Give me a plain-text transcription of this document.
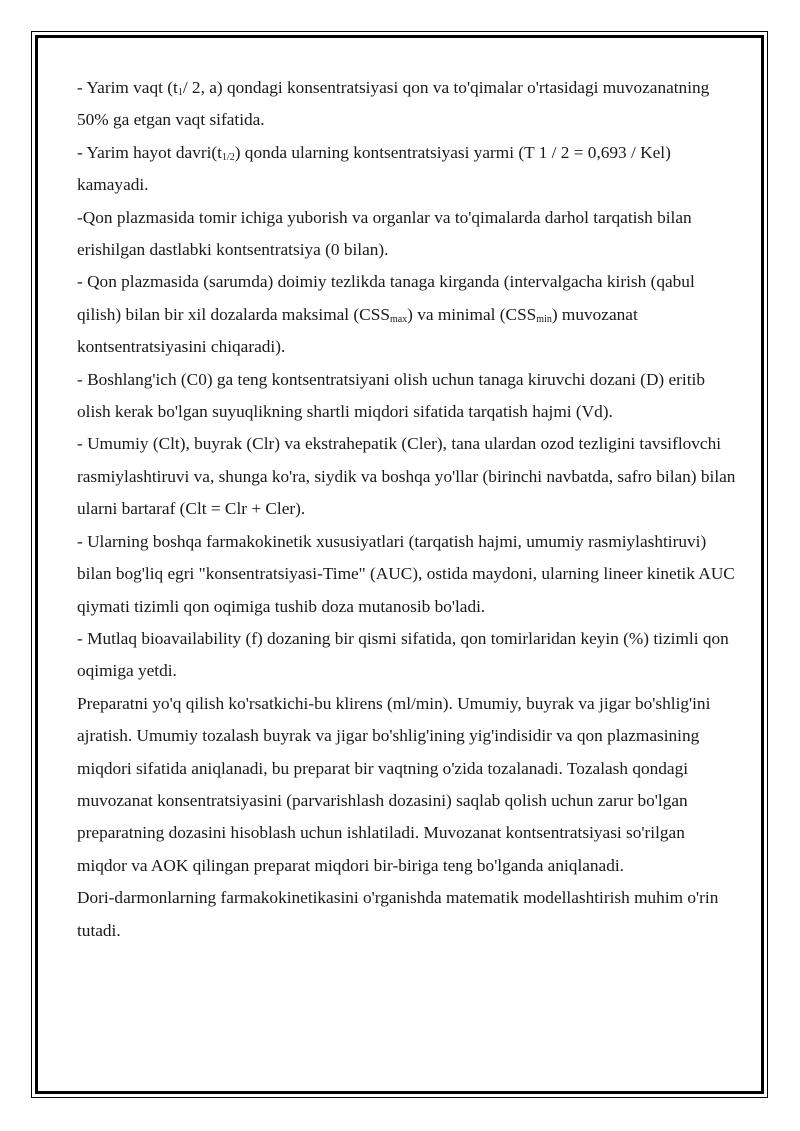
- Yarim vaqt ($t_1/$ 2, a) qondagi konsentratsiyasi qon va to'qimalar o'rtasidagi muvozanatning 50% ga etgan vaqt sifatida.

- Yarim hayot $davri(t_{1/2})$ qonda ularning kontsentratsiyasi yarmi (T 1 / 2 = 0,693 / Kel) kamayadi.

-Qon plazmasida tomir ichiga yuborish va organlar va to'qimalarda darhol tarqatish bilan erishilgan dastlabki kontsentratsiya (0 bilan).

- Qon plazmasida (sarumda) doimiy tezlikda tanaga kirganda (intervalgacha kirish (qabul qilish) bilan bir xil dozalarda maksimal $(CSS_{max})$ va minimal $(CSS_{min})$ muvozanat kontsentratsiyasini chiqaradi).

- Boshlang'ich (C0) ga teng kontsentratsiyani olish uchun tanaga kiruvchi dozani (D) eritib olish kerak bo'lgan suyuqlikning shartli miqdori sifatida tarqatish hajmi (Vd).

- Umumiy (Clt), buyrak (Clr) va ekstrahepatik (Cler), tana ulardan ozod tezligini tavsiflovchi rasmiylashtiruvi va, shunga ko'ra, siydik va boshqa yo'llar (birinchi navbatda, safro bilan) bilan ularni bartaraf (Clt = Clr + Cler).

- Ularning boshqa farmakokinetik xususiyatlari (tarqatish hajmi, umumiy rasmiylashtiruvi) bilan bog'liq egri "konsentratsiyasi-Time" (AUC), ostida maydoni, ularning lineer kinetik AUC qiymati tizimli qon oqimiga tushib doza mutanosib bo'ladi.

- Mutlaq bioavailability (f) dozaning bir qismi sifatida, qon tomirlaridan keyin (%) tizimli qon oqimiga yetdi.

Preparatni yo'q qilish ko'rsatkichi-bu klirens (ml/min). Umumiy, buyrak va jigar bo'shlig'ini ajratish. Umumiy tozalash buyrak va jigar bo'shlig'ining yig'indisidir va qon plazmasining miqdori sifatida aniqlanadi, bu preparat bir vaqtning o'zida tozalanadi. Tozalash qondagi muvozanat konsentratsiyasini (parvarishlash dozasini) saqlab qolish uchun zarur bo'lgan preparatning dozasini hisoblash uchun ishlatiladi. Muvozanat kontsentratsiyasi so'rilgan miqdor va AOK qilingan preparat miqdori bir-biriga teng bo'lganda aniqlanadi.

Dori-darmonlarning farmakokinetikasini o'rganishda matematik modellashtirish muhim o'rin tutadi.
